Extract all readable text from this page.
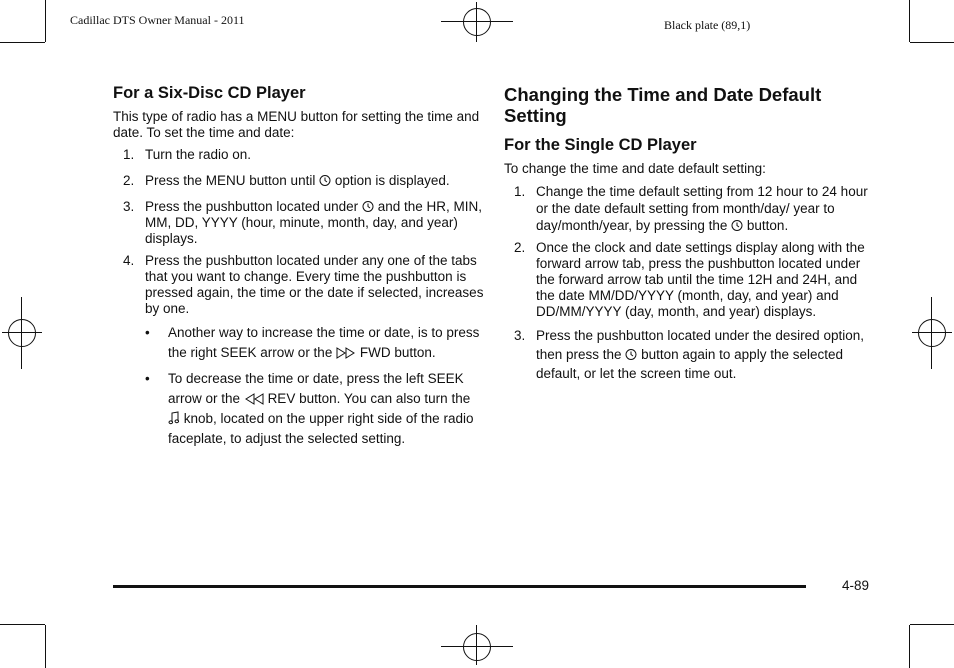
Cadillac DTS Owner Manual - 2011	Black plate (89,1)
For a Six-Disc CD Player
This type of radio has a MENU button for setting the time and date. To set the time and date:
1. Turn the radio on.
2. Press the MENU button until option is displayed.
3. Press the pushbutton located under and the HR, MIN, MM, DD, YYYY (hour, minute, month, day, and year) displays.
4. Press the pushbutton located under any one of the tabs that you want to change. Every time the pushbutton is pressed again, the time or the date if selected, increases by one.
• Another way to increase the time or date, is to press the right SEEK arrow or the FWD button.
• To decrease the time or date, press the left SEEK arrow or the REV button. You can also turn the  knob, located on the upper right side of the radio faceplate, to adjust the selected setting.
Changing the Time and Date Default Setting
For the Single CD Player
To change the time and date default setting:
1. Change the time default setting from 12 hour to 24 hour or the date default setting from month/day/ year to day/month/year, by pressing the button.
2. Once the clock and date settings display along with the forward arrow tab, press the pushbutton located under the forward arrow tab until the time 12H and 24H, and the date MM/DD/YYYY (month, day, and year) and DD/MM/YYYY (day, month, and year) displays.
3. Press the pushbutton located under the desired option, then press the button again to apply the selected default, or let the screen time out.
4-89
